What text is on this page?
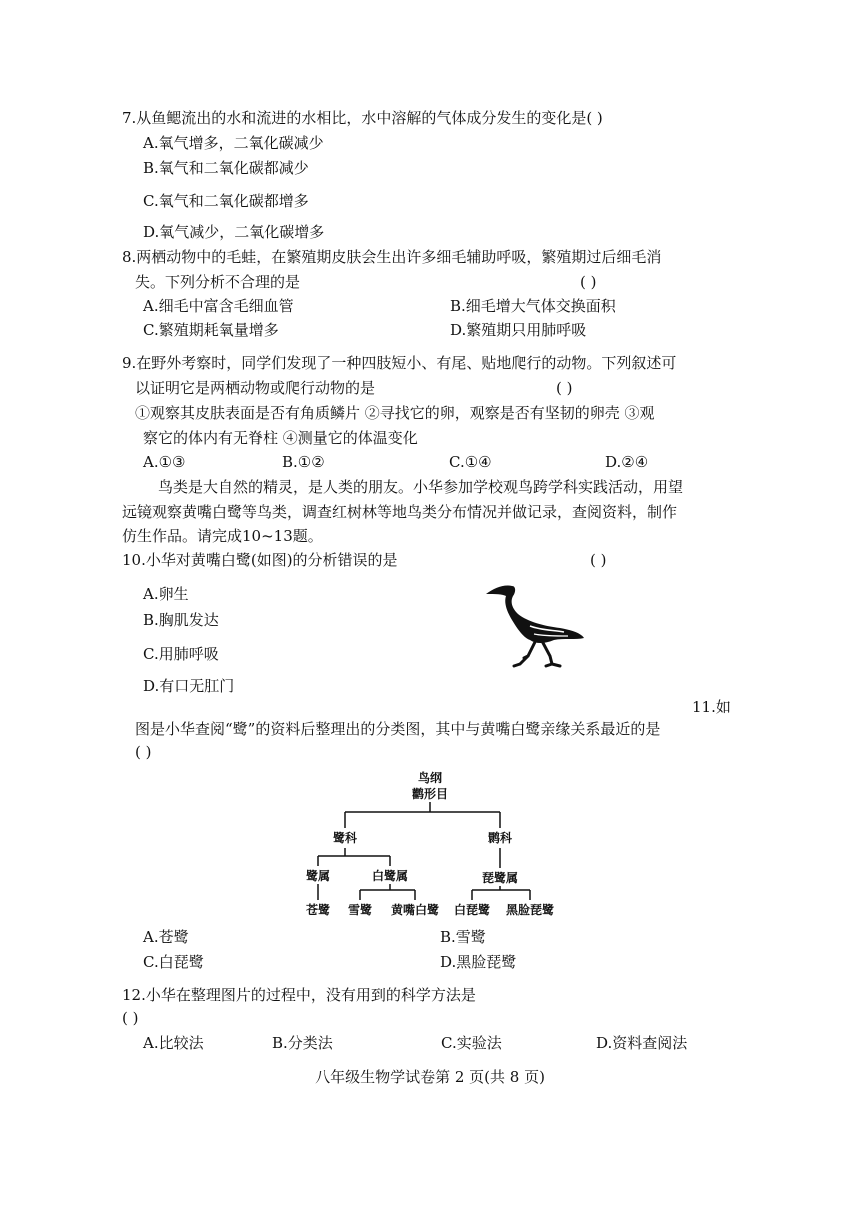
7.从鱼鳃流出的水和流进的水相比，水中溶解的气体成分发生的变化是( )
A.氧气增多，二氧化碳减少
B.氧气和二氧化碳都减少
C.氧气和二氧化碳都增多
D.氧气减少，二氧化碳增多
8.两栖动物中的毛蛙，在繁殖期皮肤会生出许多细毛辅助呼吸，繁殖期过后细毛消
失。下列分析不合理的是	( )
A.细毛中富含毛细血管	B.细毛增大气体交换面积
C.繁殖期耗氧量增多	D.繁殖期只用肺呼吸
9.在野外考察时，同学们发现了一种四肢短小、有尾、贴地爬行的动物。下列叙述可
以证明它是两栖动物或爬行动物的是	( )
①观察其皮肤表面是否有角质鳞片 ②寻找它的卵，观察是否有坚韧的卵壳 ③观
察它的体内有无脊柱 ④测量它的体温变化
A.①③	B.①②	C.①④	D.②④
鸟类是大自然的精灵，是人类的朋友。小华参加学校观鸟跨学科实践活动，用望
远镜观察黄嘴白鹭等鸟类，调查红树林等地鸟类分布情况并做记录，查阅资料，制作
仿生作品。请完成10~13题。
10.小华对黄嘴白鹭(如图)的分析错误的是	( )
A.卵生
B.胸肌发达
C.用肺呼吸
D.有口无肛门
11.如
图是小华查阅“鹭”的资料后整理出的分类图，其中与黄嘴白鹭亲缘关系最近的是
( )
鸟纲
鹳形目
鹭科	鹮科
鹭属	白鹭属	琵鹭属
苍鹭 雪鹭 黄嘴白鹭 白琵鹭 黑脸琵鹭
A.苍鹭	B.雪鹭
C.白琵鹭	D.黑脸琵鹭
12.小华在整理图片的过程中，没有用到的科学方法是
( )
A.比较法	B.分类法	C.实验法	D.资料查阅法
八年级生物学试卷第 2 页(共 8 页)
